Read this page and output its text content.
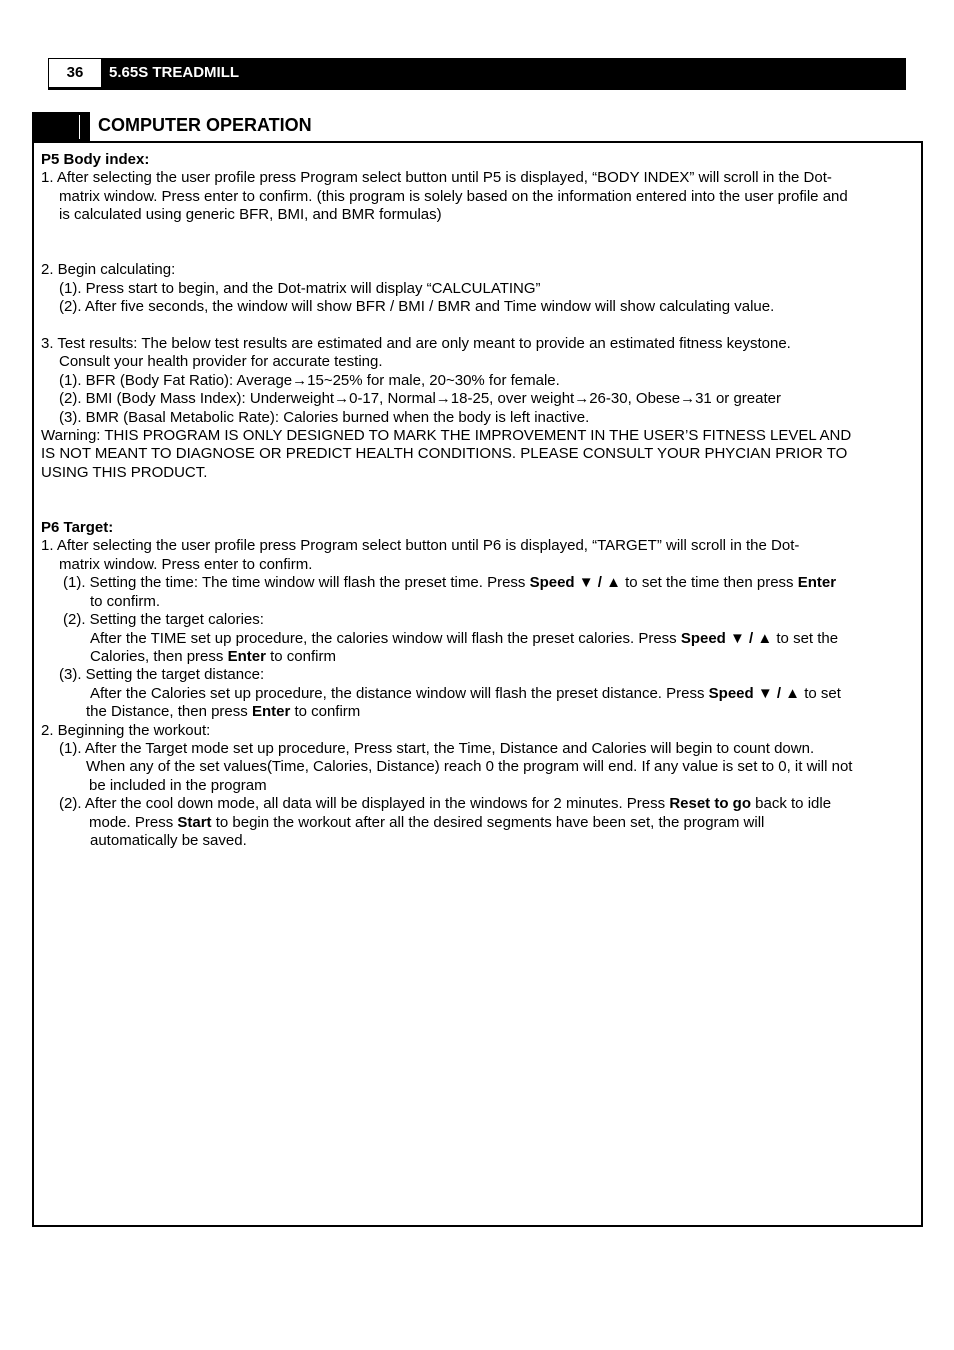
36	5.65S TREADMILL
COMPUTER OPERATION

P5 Body index:

1. After selecting the user profile press Program select button until P5 is displayed, “BODY INDEX” will scroll in the Dot-

matrix window. Press enter to confirm. (this program is solely based on the information entered into the user profile and

is calculated using generic BFR, BMI, and BMR formulas)

2. Begin calculating:

(1). Press start to begin, and the Dot-matrix will display “CALCULATING”

(2). After five seconds, the window will show BFR / BMI / BMR and Time window will show calculating value.

3. Test results: The below test results are estimated and are only meant to provide an estimated fitness keystone.

Consult your health provider for accurate testing.

(1). BFR (Body Fat Ratio): Average→15~25% for male, 20~30% for female.

(2). BMI (Body Mass Index): Underweight→0-17, Normal→18-25, over weight→26-30, Obese→31 or greater

(3). BMR (Basal Metabolic Rate): Calories burned when the body is left inactive.

Warning: THIS PROGRAM IS ONLY DESIGNED TO MARK THE IMPROVEMENT IN THE USER’S FITNESS LEVEL AND

IS NOT MEANT TO DIAGNOSE OR PREDICT HEALTH CONDITIONS. PLEASE CONSULT YOUR PHYCIAN PRIOR TO

USING THIS PRODUCT.

P6 Target:

1. After selecting the user profile press Program select button until P6 is displayed, “TARGET” will scroll in the Dot-

matrix window. Press enter to confirm.

(1). Setting the time: The time window will flash the preset time. Press Speed ▼ / ▲ to set the time then press Enter

to confirm.

(2). Setting the target calories:

After the TIME set up procedure, the calories window will flash the preset calories. Press Speed ▼ / ▲ to set the

Calories, then press Enter to confirm

(3). Setting the target distance:

After the Calories set up procedure, the distance window will flash the preset distance. Press Speed ▼ / ▲ to set

the Distance, then press Enter to confirm

2. Beginning the workout:

(1). After the Target mode set up procedure, Press start, the Time, Distance and Calories will begin to count down.

When any of the set values(Time, Calories, Distance) reach 0 the program will end. If any value is set to 0, it will not

be included in the program

(2). After the cool down mode, all data will be displayed in the windows for 2 minutes. Press Reset to go back to idle

mode. Press Start to begin the workout after all the desired segments have been set, the program will

automatically be saved.
